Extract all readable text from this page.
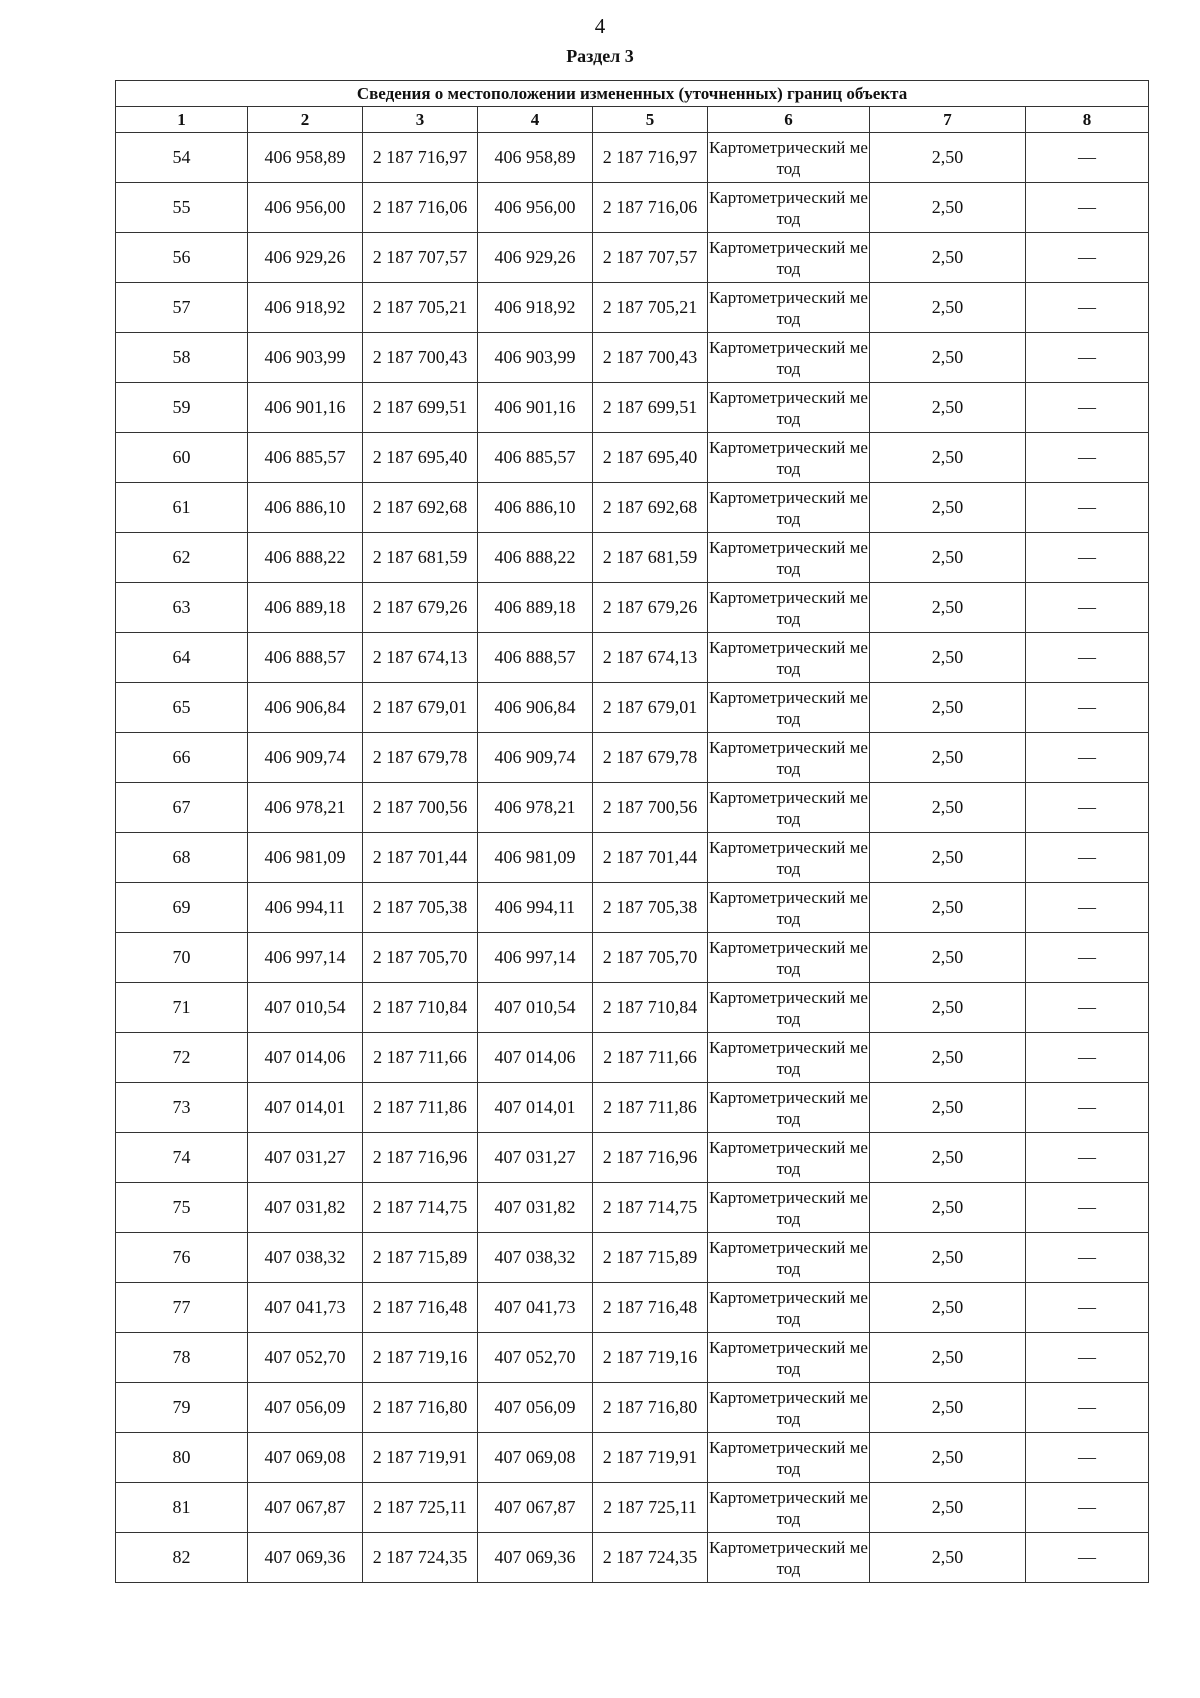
4
Раздел 3
Сведения о местоположении измененных (уточненных) границ объекта							
1	2	3	4	5	6	7	8
54	406 958,89	2 187 716,97	406 958,89	2 187 716,97	Картометрический метод	2,50	—
55	406 956,00	2 187 716,06	406 956,00	2 187 716,06	Картометрический метод	2,50	—
56	406 929,26	2 187 707,57	406 929,26	2 187 707,57	Картометрический метод	2,50	—
57	406 918,92	2 187 705,21	406 918,92	2 187 705,21	Картометрический метод	2,50	—
58	406 903,99	2 187 700,43	406 903,99	2 187 700,43	Картометрический метод	2,50	—
59	406 901,16	2 187 699,51	406 901,16	2 187 699,51	Картометрический метод	2,50	—
60	406 885,57	2 187 695,40	406 885,57	2 187 695,40	Картометрический метод	2,50	—
61	406 886,10	2 187 692,68	406 886,10	2 187 692,68	Картометрический метод	2,50	—
62	406 888,22	2 187 681,59	406 888,22	2 187 681,59	Картометрический метод	2,50	—
63	406 889,18	2 187 679,26	406 889,18	2 187 679,26	Картометрический метод	2,50	—
64	406 888,57	2 187 674,13	406 888,57	2 187 674,13	Картометрический метод	2,50	—
65	406 906,84	2 187 679,01	406 906,84	2 187 679,01	Картометрический метод	2,50	—
66	406 909,74	2 187 679,78	406 909,74	2 187 679,78	Картометрический метод	2,50	—
67	406 978,21	2 187 700,56	406 978,21	2 187 700,56	Картометрический метод	2,50	—
68	406 981,09	2 187 701,44	406 981,09	2 187 701,44	Картометрический метод	2,50	—
69	406 994,11	2 187 705,38	406 994,11	2 187 705,38	Картометрический метод	2,50	—
70	406 997,14	2 187 705,70	406 997,14	2 187 705,70	Картометрический метод	2,50	—
71	407 010,54	2 187 710,84	407 010,54	2 187 710,84	Картометрический метод	2,50	—
72	407 014,06	2 187 711,66	407 014,06	2 187 711,66	Картометрический метод	2,50	—
73	407 014,01	2 187 711,86	407 014,01	2 187 711,86	Картометрический метод	2,50	—
74	407 031,27	2 187 716,96	407 031,27	2 187 716,96	Картометрический метод	2,50	—
75	407 031,82	2 187 714,75	407 031,82	2 187 714,75	Картометрический метод	2,50	—
76	407 038,32	2 187 715,89	407 038,32	2 187 715,89	Картометрический метод	2,50	—
77	407 041,73	2 187 716,48	407 041,73	2 187 716,48	Картометрический метод	2,50	—
78	407 052,70	2 187 719,16	407 052,70	2 187 719,16	Картометрический метод	2,50	—
79	407 056,09	2 187 716,80	407 056,09	2 187 716,80	Картометрический метод	2,50	—
80	407 069,08	2 187 719,91	407 069,08	2 187 719,91	Картометрический метод	2,50	—
81	407 067,87	2 187 725,11	407 067,87	2 187 725,11	Картометрический метод	2,50	—
82	407 069,36	2 187 724,35	407 069,36	2 187 724,35	Картометрический метод	2,50	—
